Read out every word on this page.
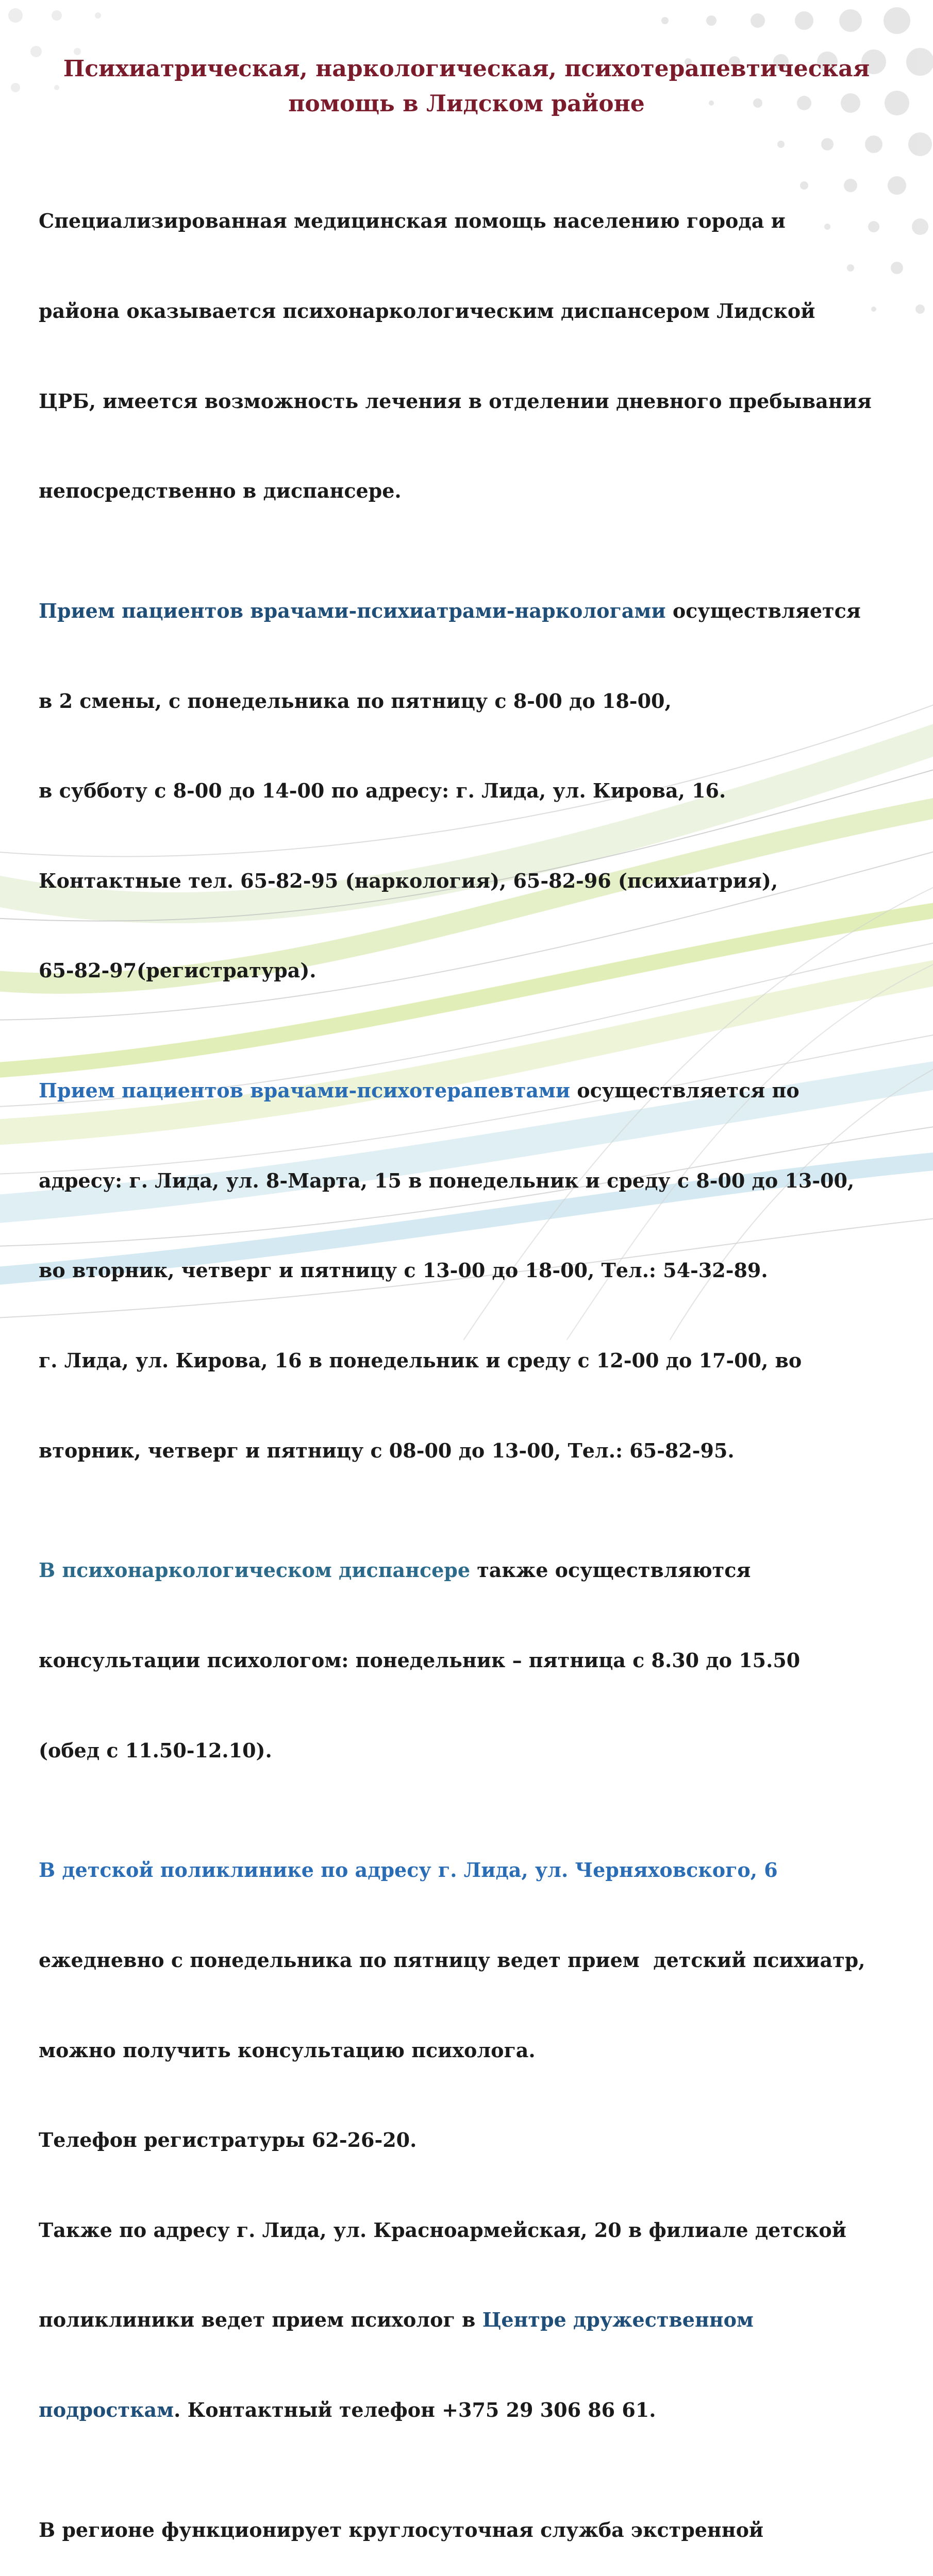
Психиатрическая, наркологическая, психотерапевтическая
помощь в Лидском районе

Специализированная медицинская помощь населению города и

района оказывается психонаркологическим диспансером Лидской

ЦРБ, имеется возможность лечения в отделении дневного пребывания

непосредственно в диспансере.

Прием пациентов врачами-психиатрами-наркологами осуществляется

в 2 смены, с понедельника по пятницу с 8-00 до 18-00,

в субботу с 8-00 до 14-00 по адресу: г. Лида, ул. Кирова, 16.

Контактные тел. 65-82-95 (наркология), 65-82-96 (психиатрия),

65-82-97(регистратура).

Прием пациентов врачами-психотерапевтами осуществляется по

адресу: г. Лида, ул. 8-Марта, 15 в понедельник и среду с 8-00 до 13-00,

во вторник, четверг и пятницу с 13-00 до 18-00, Тел.: 54-32-89.

г. Лида, ул. Кирова, 16 в понедельник и среду с 12-00 до 17-00, во

вторник, четверг и пятницу с 08-00 до 13-00, Тел.: 65-82-95.

В психонаркологическом диспансере также осуществляются

консультации психологом: понедельник – пятница с 8.30 до 15.50

(обед с 11.50-12.10).

В детской поликлинике по адресу г. Лида, ул. Черняховского, 6

ежедневно с понедельника по пятницу ведет прием  детский психиатр,

можно получить консультацию психолога.

Телефон регистратуры 62-26-20.

Также по адресу г. Лида, ул. Красноармейская, 20 в филиале детской

поликлиники ведет прием психолог в Центре дружественном

подросткам. Контактный телефон +375 29 306 86 61.

В регионе функционирует круглосуточная служба экстренной
